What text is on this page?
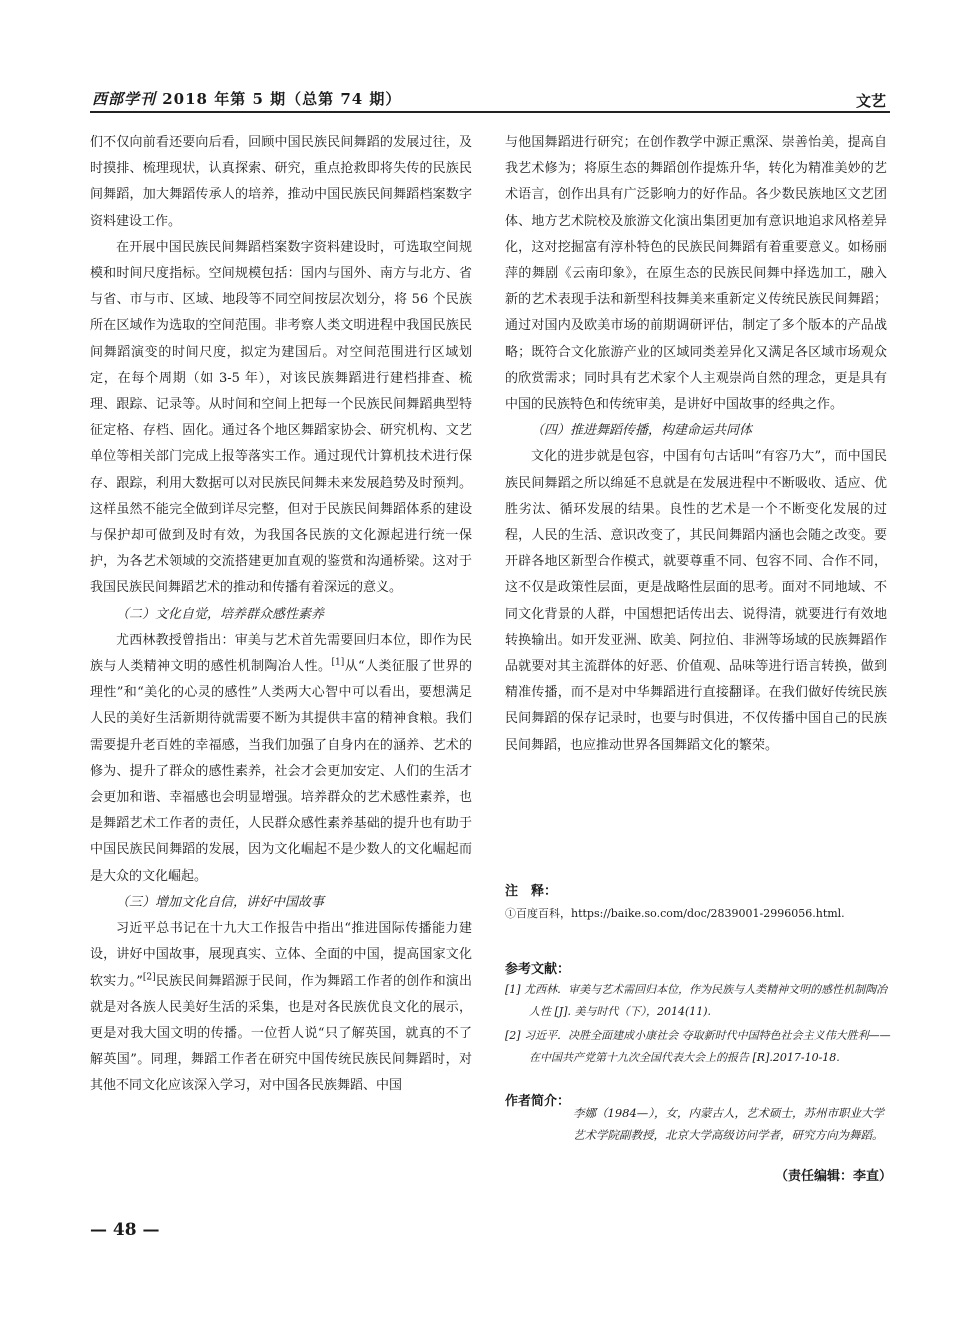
西部学刊 2018 年第 5 期（总第 74 期）	文艺

们不仅向前看还要向后看，回顾中国民族民间舞蹈的发展过往，及时摸排、梳理现状，认真探索、研究，重点抢救即将失传的民族民间舞蹈，加大舞蹈传承人的培养，推动中国民族民间舞蹈档案数字资料建设工作。

在开展中国民族民间舞蹈档案数字资料建设时，可选取空间规模和时间尺度指标。空间规模包括：国内与国外、南方与北方、省与省、市与市、区域、地段等不同空间按层次划分，将 56 个民族所在区域作为选取的空间范围。非考察人类文明进程中我国民族民间舞蹈演变的时间尺度，拟定为建国后。对空间范围进行区域划定，在每个周期（如 3-5 年），对该民族舞蹈进行建档排查、梳理、跟踪、记录等。从时间和空间上把每一个民族民间舞蹈典型特征定格、存档、固化。通过各个地区舞蹈家协会、研究机构、文艺单位等相关部门完成上报等落实工作。通过现代计算机技术进行保存、跟踪，利用大数据可以对民族民间舞未来发展趋势及时预判。这样虽然不能完全做到详尽完整，但对于民族民间舞蹈体系的建设与保护却可做到及时有效，为我国各民族的文化源起进行统一保护，为各艺术领域的交流搭建更加直观的鉴赏和沟通桥梁。这对于我国民族民间舞蹈艺术的推动和传播有着深远的意义。

（二）文化自觉，培养群众感性素养

尤西林教授曾指出：审美与艺术首先需要回归本位，即作为民族与人类精神文明的感性机制陶冶人性。[1]从“人类征服了世界的理性”和“美化的心灵的感性”人类两大心智中可以看出，要想满足人民的美好生活新期待就需要不断为其提供丰富的精神食粮。我们需要提升老百姓的幸福感，当我们加强了自身内在的涵养、艺术的修为、提升了群众的感性素养，社会才会更加安定、人们的生活才会更加和谐、幸福感也会明显增强。培养群众的艺术感性素养，也是舞蹈艺术工作者的责任，人民群众感性素养基础的提升也有助于中国民族民间舞蹈的发展，因为文化崛起不是少数人的文化崛起而是大众的文化崛起。

（三）增加文化自信，讲好中国故事

习近平总书记在十九大工作报告中指出“推进国际传播能力建设，讲好中国故事，展现真实、立体、全面的中国，提高国家文化软实力。”[2]民族民间舞蹈源于民间，作为舞蹈工作者的创作和演出就是对各族人民美好生活的采集，也是对各民族优良文化的展示，更是对我大国文明的传播。一位哲人说“只了解英国，就真的不了解英国”。同理，舞蹈工作者在研究中国传统民族民间舞蹈时，对其他不同文化应该深入学习，对中国各民族舞蹈、中国

与他国舞蹈进行研究；在创作教学中源正熏深、崇善怡美，提高自我艺术修为；将原生态的舞蹈创作提炼升华，转化为精准美妙的艺术语言，创作出具有广泛影响力的好作品。各少数民族地区文艺团体、地方艺术院校及旅游文化演出集团更加有意识地追求风格差异化，这对挖掘富有淳朴特色的民族民间舞蹈有着重要意义。如杨丽萍的舞剧《云南印象》，在原生态的民族民间舞中择选加工，融入新的艺术表现手法和新型科技舞美来重新定义传统民族民间舞蹈；通过对国内及欧美市场的前期调研评估，制定了多个版本的产品战略；既符合文化旅游产业的区域同类差异化又满足各区域市场观众的欣赏需求；同时具有艺术家个人主观崇尚自然的理念，更是具有中国的民族特色和传统审美，是讲好中国故事的经典之作。

（四）推进舞蹈传播，构建命运共同体

文化的进步就是包容，中国有句古话叫“有容乃大”，而中国民族民间舞蹈之所以绵延不息就是在发展进程中不断吸收、适应、优胜劣汰、循环发展的结果。良性的艺术是一个不断变化发展的过程，人民的生活、意识改变了，其民间舞蹈内涵也会随之改变。要开辟各地区新型合作模式，就要尊重不同、包容不同、合作不同，这不仅是政策性层面，更是战略性层面的思考。面对不同地域、不同文化背景的人群，中国想把话传出去、说得清，就要进行有效地转换输出。如开发亚洲、欧美、阿拉伯、非洲等场域的民族舞蹈作品就要对其主流群体的好恶、价值观、品味等进行语言转换，做到精准传播，而不是对中华舞蹈进行直接翻译。在我们做好传统民族民间舞蹈的保存记录时，也要与时俱进，不仅传播中国自己的民族民间舞蹈，也应推动世界各国舞蹈文化的繁荣。

注　释：

①百度百科，https://baike.so.com/doc/2839001-2996056.html.

参考文献：

[1] 尤西林．审美与艺术需回归本位，作为民族与人类精神文明的感性机制陶冶人性 [J]. 美与时代（下），2014(11).

[2] 习近平．决胜全面建成小康社会 夺取新时代中国特色社会主义伟大胜利——在中国共产党第十九次全国代表大会上的报告 [R].2017-10-18.

作者简介：

李娜（1984—），女，内蒙古人，艺术硕士，苏州市职业大学艺术学院副教授，北京大学高级访问学者，研究方向为舞蹈。

（责任编辑：李直）
— 48 —
